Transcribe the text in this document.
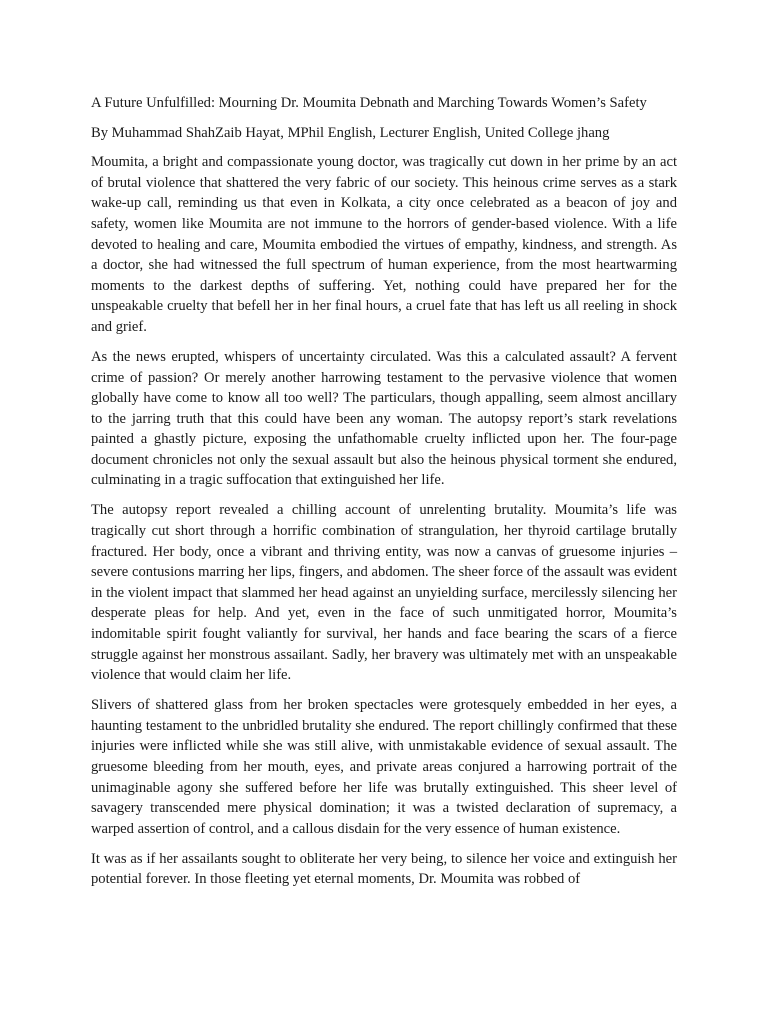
A Future Unfulfilled: Mourning Dr. Moumita Debnath and Marching Towards Women’s Safety

By Muhammad ShahZaib Hayat, MPhil English, Lecturer English, United College jhang

Moumita, a bright and compassionate young doctor, was tragically cut down in her prime by an act of brutal violence that shattered the very fabric of our society. This heinous crime serves as a stark wake-up call, reminding us that even in Kolkata, a city once celebrated as a beacon of joy and safety, women like Moumita are not immune to the horrors of gender-based violence. With a life devoted to healing and care, Moumita embodied the virtues of empathy, kindness, and strength. As a doctor, she had witnessed the full spectrum of human experience, from the most heartwarming moments to the darkest depths of suffering. Yet, nothing could have prepared her for the unspeakable cruelty that befell her in her final hours, a cruel fate that has left us all reeling in shock and grief.

As the news erupted, whispers of uncertainty circulated. Was this a calculated assault? A fervent crime of passion? Or merely another harrowing testament to the pervasive violence that women globally have come to know all too well? The particulars, though appalling, seem almost ancillary to the jarring truth that this could have been any woman. The autopsy report’s stark revelations painted a ghastly picture, exposing the unfathomable cruelty inflicted upon her. The four-page document chronicles not only the sexual assault but also the heinous physical torment she endured, culminating in a tragic suffocation that extinguished her life.

The autopsy report revealed a chilling account of unrelenting brutality. Moumita’s life was tragically cut short through a horrific combination of strangulation, her thyroid cartilage brutally fractured. Her body, once a vibrant and thriving entity, was now a canvas of gruesome injuries – severe contusions marring her lips, fingers, and abdomen. The sheer force of the assault was evident in the violent impact that slammed her head against an unyielding surface, mercilessly silencing her desperate pleas for help. And yet, even in the face of such unmitigated horror, Moumita’s indomitable spirit fought valiantly for survival, her hands and face bearing the scars of a fierce struggle against her monstrous assailant. Sadly, her bravery was ultimately met with an unspeakable violence that would claim her life.

Slivers of shattered glass from her broken spectacles were grotesquely embedded in her eyes, a haunting testament to the unbridled brutality she endured. The report chillingly confirmed that these injuries were inflicted while she was still alive, with unmistakable evidence of sexual assault. The gruesome bleeding from her mouth, eyes, and private areas conjured a harrowing portrait of the unimaginable agony she suffered before her life was brutally extinguished. This sheer level of savagery transcended mere physical domination; it was a twisted declaration of supremacy, a warped assertion of control, and a callous disdain for the very essence of human existence.

It was as if her assailants sought to obliterate her very being, to silence her voice and extinguish her potential forever. In those fleeting yet eternal moments, Dr. Moumita was robbed of
